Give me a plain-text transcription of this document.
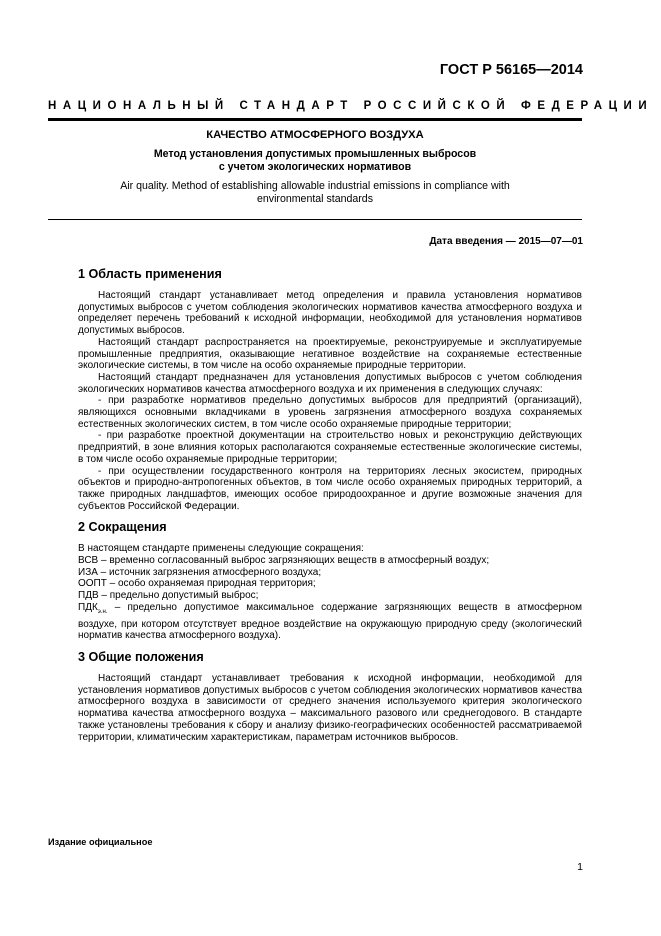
ГОСТ Р 56165—2014
НАЦИОНАЛЬНЫЙ СТАНДАРТ РОССИЙСКОЙ ФЕДЕРАЦИИ

КАЧЕСТВО АТМОСФЕРНОГО ВОЗДУХА

Метод установления допустимых промышленных выбросов
с учетом экологических нормативов

Air quality. Method of establishing allowable industrial emissions in compliance with
environmental standards

Дата введения — 2015—07—01
1 Область применения

Настоящий стандарт устанавливает метод определения и правила установления нормативов допустимых выбросов с учетом соблюдения экологических нормативов качества атмосферного воздуха и определяет перечень требований к исходной информации, необходимой для установления нормативов допустимых выбросов.

Настоящий стандарт распространяется на проектируемые, реконструируемые и эксплуатируемые промышленные предприятия, оказывающие негативное воздействие на сохраняемые естественные экологические системы, в том числе на особо охраняемые природные территории.

Настоящий стандарт предназначен для установления допустимых выбросов с учетом соблюдения экологических нормативов качества атмосферного воздуха и их применения в следующих случаях:

- при разработке нормативов предельно допустимых выбросов для предприятий (организаций), являющихся основными вкладчиками в уровень загрязнения атмосферного воздуха сохраняемых естественных экологических систем, в том числе особо охраняемые природные территории;

- при разработке проектной документации на строительство новых и реконструкцию действующих предприятий, в зоне влияния которых располагаются сохраняемые естественные экологические системы, в том числе особо охраняемые природные территории;

- при осуществлении государственного контроля на территориях лесных экосистем, природных объектов и природно-антропогенных объектов, в том числе особо охраняемых природных территорий, а также природных ландшафтов, имеющих особое природоохранное и другие возможные значения для субъектов Российской Федерации.

2 Сокращения

В настоящем стандарте применены следующие сокращения:

ВСВ – временно согласованный выброс загрязняющих веществ в атмосферный воздух;

ИЗА – источник загрязнения атмосферного воздуха;

ООПТ – особо охраняемая природная территория;

ПДВ – предельно допустимый выброс;

$ПДК_{э.н.}$ – предельно допустимое максимальное содержание загрязняющих веществ в атмосферном воздухе, при котором отсутствует вредное воздействие на окружающую природную среду (экологический норматив качества атмосферного воздуха).

3 Общие положения

Настоящий стандарт устанавливает требования к исходной информации, необходимой для установления нормативов допустимых выбросов с учетом соблюдения экологических нормативов качества атмосферного воздуха в зависимости от среднего значения используемого критерия экологического норматива качества атмосферного воздуха – максимального разового или среднегодового. В стандарте также установлены требования к сбору и анализу физико-географических особенностей рассматриваемой территории, климатическим характеристикам, параметрам источников выбросов.

Издание официальное
1
